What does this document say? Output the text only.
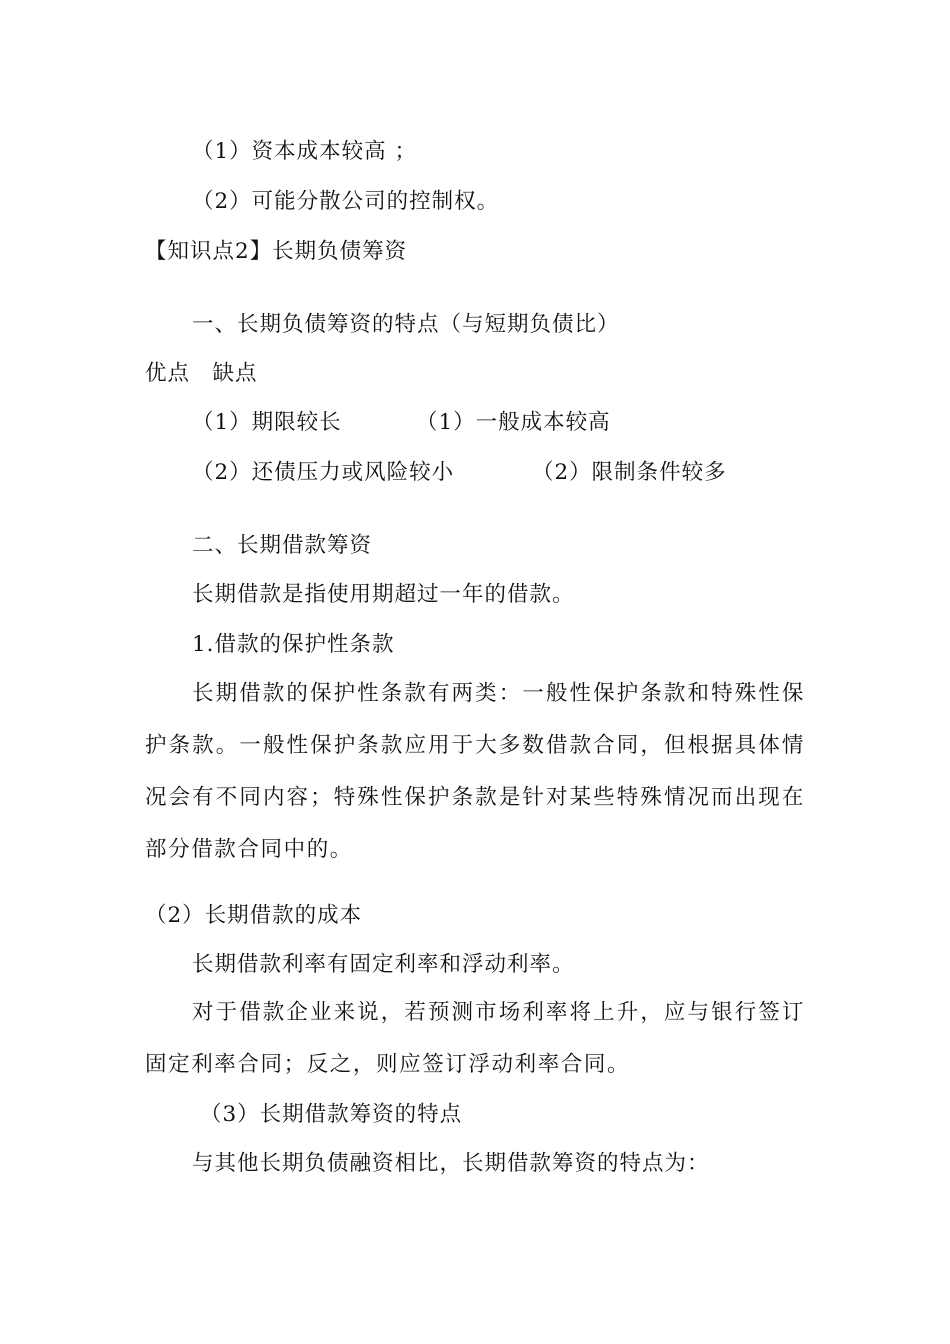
（1）资本成本较高 ；
（2）可能分散公司的控制权。
【知识点2】长期负债筹资
一、长期负债筹资的特点（与短期负债比）
优点　缺点
（1）期限较长	（1）一般成本较高
（2）还债压力或风险较小	（2）限制条件较多
二、长期借款筹资
长期借款是指使用期超过一年的借款。
1.借款的保护性条款
长期借款的保护性条款有两类：一般性保护条款和特殊性保护条款。一般性保护条款应用于大多数借款合同，但根据具体情况会有不同内容；特殊性保护条款是针对某些特殊情况而出现在部分借款合同中的。
（2）长期借款的成本
长期借款利率有固定利率和浮动利率。
对于借款企业来说，若预测市场利率将上升，应与银行签订固定利率合同；反之，则应签订浮动利率合同。
（3）长期借款筹资的特点
与其他长期负债融资相比，长期借款筹资的特点为：
